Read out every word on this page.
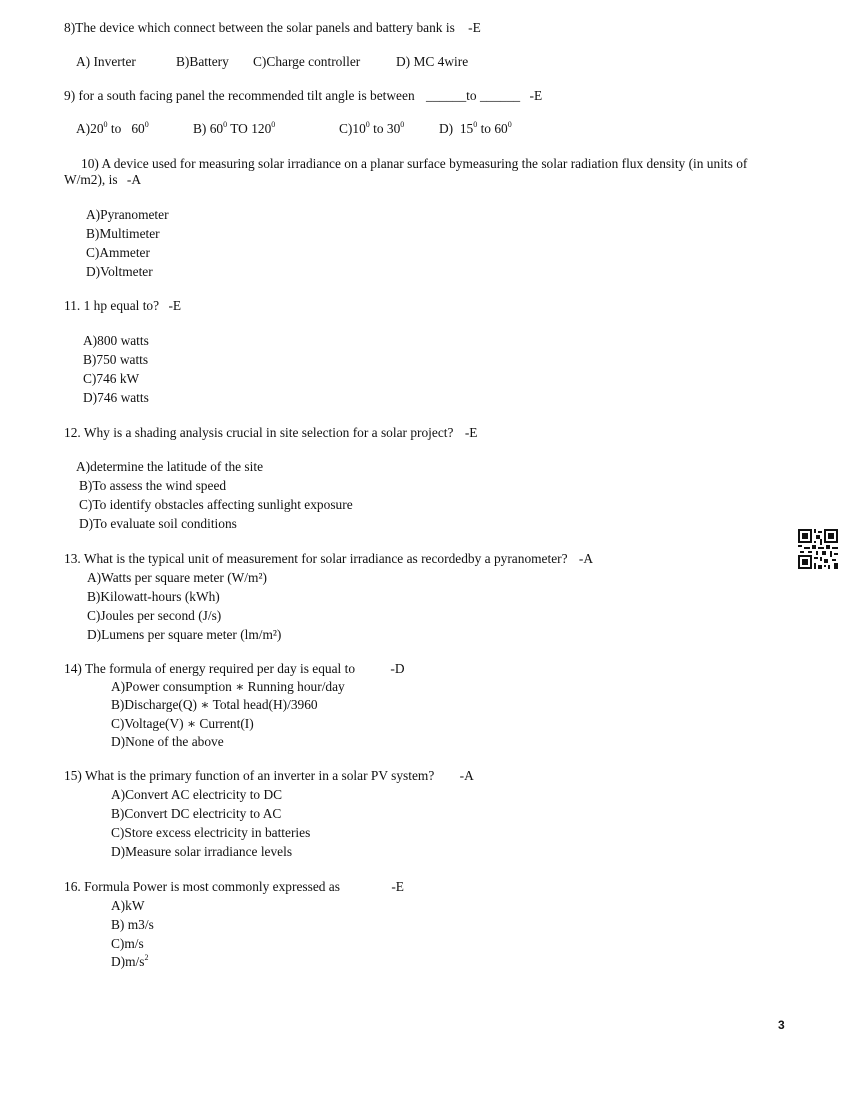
8)The device which connect between the solar panels and battery bank is -E
A) Inverter	B)Battery C)Charge controller	D) MC 4wire
9) for a south facing panel the recommended tilt angle is between ______to ______ -E
$A)20^0$ to   $60^0$	B) $60^0$ TO $120^0$	$C)10^0$ to $30^0$	D)  $15^0$ to $60^0$
10) A device used for measuring solar irradiance on a planar surface bymeasuring the solar radiation flux density (in units of W/m2), is -A
A)Pyranometer
B)Multimeter
C)Ammeter
D)Voltmeter
11. 1 hp equal to? -E
A)800 watts
B)750 watts
C)746 kW
D)746 watts
12. Why is a shading analysis crucial in site selection for a solar project? -E
A)determine the latitude of the site
B)To assess the wind speed
C)To identify obstacles affecting sunlight exposure
D)To evaluate soil conditions
13. What is the typical unit of measurement for solar irradiance as recordedby a pyranometer? -A
A)Watts per square meter (W/m²)
B)Kilowatt-hours (kWh)
C)Joules per second (J/s)
D)Lumens per square meter (lm/m²)
14) The formula of energy required per day is equal to	-D
A)Power consumption ∗ Running hour/day
B)Discharge(Q) ∗ Total head(H)/3960
C)Voltage(V) ∗ Current(I)
D)None of the above
15) What is the primary function of an inverter in a solar PV system? -A
A)Convert AC electricity to DC
B)Convert DC electricity to AC
C)Store excess electricity in batteries
D)Measure solar irradiance levels
16. Formula Power is most commonly expressed as	-E
A)kW
B) m3/s
C)m/s
$D)m/s^2$
3
